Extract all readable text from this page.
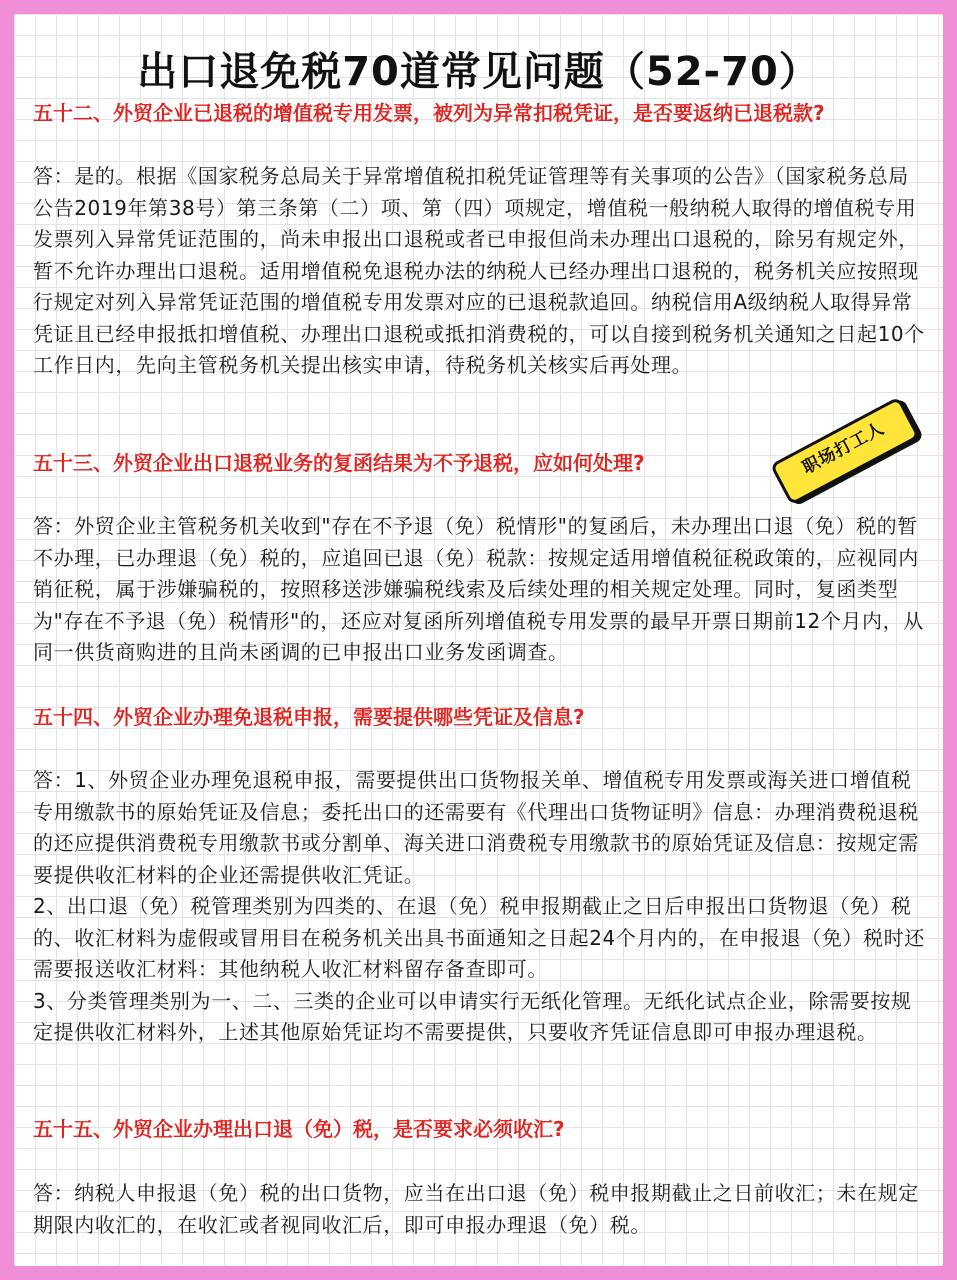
出口退免税70道常见问题（52-70）
五十二、外贸企业已退税的增值税专用发票，被列为异常扣税凭证，是否要返纳已退税款?

答：是的。根据《国家税务总局关于异常增值税扣税凭证管理等有关事项的公告》（国家税务总局公告2019年第38号）第三条第（二）项、第（四）项规定，增值税一般纳税人取得的增值税专用发票列入异常凭证范围的，尚未申报出口退税或者已申报但尚未办理出口退税的，除另有规定外，暂不允许办理出口退税。适用增值税免退税办法的纳税人已经办理出口退税的，税务机关应按照现行规定对列入异常凭证范围的增值税专用发票对应的已退税款追回。纳税信用A级纳税人取得异常凭证且已经申报抵扣增值税、办理出口退税或抵扣消费税的，可以自接到税务机关通知之日起10个工作日内，先向主管税务机关提出核实申请，待税务机关核实后再处理。

职场打工人
五十三、外贸企业出口退税业务的复函结果为不予退税，应如何处理?

答：外贸企业主管税务机关收到"存在不予退（免）税情形"的复函后，未办理出口退（免）税的暂不办理，已办理退（免）税的，应追回已退（免）税款：按规定适用增值税征税政策的，应视同内销征税，属于涉嫌骗税的，按照移送涉嫌骗税线索及后续处理的相关规定处理。同时，复函类型为"存在不予退（免）税情形"的，还应对复函所列增值税专用发票的最早开票日期前12个月内，从同一供货商购进的且尚未函调的已申报出口业务发函调查。

五十四、外贸企业办理免退税申报，需要提供哪些凭证及信息?

答：1、外贸企业办理免退税申报，需要提供出口货物报关单、增值税专用发票或海关进口增值税专用缴款书的原始凭证及信息；委托出口的还需要有《代理出口货物证明》信息：办理消费税退税的还应提供消费税专用缴款书或分割单、海关进口消费税专用缴款书的原始凭证及信息：按规定需要提供收汇材料的企业还需提供收汇凭证。

2、出口退（免）税管理类别为四类的、在退（免）税申报期截止之日后申报出口货物退（免）税的、收汇材料为虚假或冒用目在税务机关出具书面通知之日起24个月内的，在申报退（免）税时还需要报送收汇材料：其他纳税人收汇材料留存备查即可。

3、分类管理类别为一、二、三类的企业可以申请实行无纸化管理。无纸化试点企业，除需要按规定提供收汇材料外，上述其他原始凭证均不需要提供，只要收齐凭证信息即可申报办理退税。

五十五、外贸企业办理出口退（免）税，是否要求必须收汇?

答：纳税人申报退（免）税的出口货物，应当在出口退（免）税申报期截止之日前收汇；未在规定期限内收汇的，在收汇或者视同收汇后，即可申报办理退（免）税。
